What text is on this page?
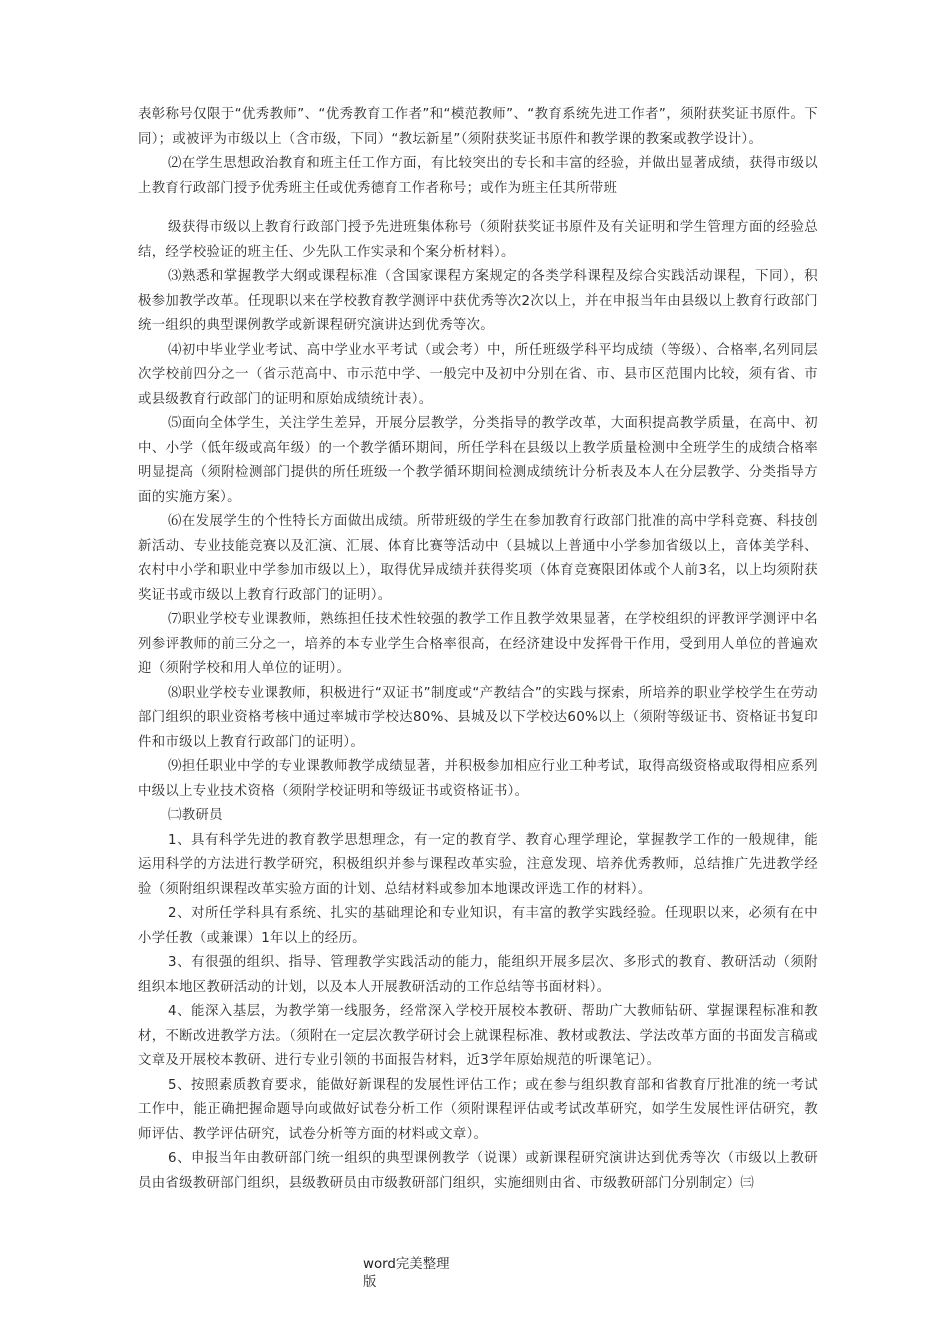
表彰称号仅限于“优秀教师”、“优秀教育工作者”和“模范教师”、“教育系统先进工作者”，须附获奖证书原件。下同）；或被评为市级以上（含市级，下同）“教坛新星”（须附获奖证书原件和教学课的教案或教学设计）。

⑵在学生思想政治教育和班主任工作方面，有比较突出的专长和丰富的经验，并做出显著成绩，获得市级以上教育行政部门授予优秀班主任或优秀德育工作者称号；或作为班主任其所带班

级获得市级以上教育行政部门授予先进班集体称号（须附获奖证书原件及有关证明和学生管理方面的经验总结，经学校验证的班主任、少先队工作实录和个案分析材料）。

⑶熟悉和掌握教学大纲或课程标准（含国家课程方案规定的各类学科课程及综合实践活动课程，下同），积极参加教学改革。任现职以来在学校教育教学测评中获优秀等次2次以上，并在申报当年由县级以上教育行政部门统一组织的典型课例教学或新课程研究演讲达到优秀等次。

⑷初中毕业学业考试、高中学业水平考试（或会考）中，所任班级学科平均成绩（等级）、合格率,名列同层次学校前四分之一（省示范高中、市示范中学、一般完中及初中分别在省、市、县市区范围内比较，须有省、市或县级教育行政部门的证明和原始成绩统计表）。

⑸面向全体学生，关注学生差异，开展分层教学，分类指导的教学改革，大面积提高教学质量，在高中、初中、小学（低年级或高年级）的一个教学循环期间，所任学科在县级以上教学质量检测中全班学生的成绩合格率明显提高（须附检测部门提供的所任班级一个教学循环期间检测成绩统计分析表及本人在分层教学、分类指导方面的实施方案）。

⑹在发展学生的个性特长方面做出成绩。所带班级的学生在参加教育行政部门批准的高中学科竞赛、科技创新活动、专业技能竞赛以及汇演、汇展、体育比赛等活动中（县城以上普通中小学参加省级以上，音体美学科、农村中小学和职业中学参加市级以上），取得优异成绩并获得奖项（体育竞赛限团体或个人前3名，以上均须附获奖证书或市级以上教育行政部门的证明）。

⑺职业学校专业课教师，熟练担任技术性较强的教学工作且教学效果显著，在学校组织的评教评学测评中名列参评教师的前三分之一，培养的本专业学生合格率很高，在经济建设中发挥骨干作用，受到用人单位的普遍欢迎（须附学校和用人单位的证明）。

⑻职业学校专业课教师，积极进行“双证书”制度或“产教结合”的实践与探索，所培养的职业学校学生在劳动部门组织的职业资格考核中通过率城市学校达80%、县城及以下学校达60%以上（须附等级证书、资格证书复印件和市级以上教育行政部门的证明）。

⑼担任职业中学的专业课教师教学成绩显著，并积极参加相应行业工种考试，取得高级资格或取得相应系列中级以上专业技术资格（须附学校证明和等级证书或资格证书）。

㈡教研员

1、具有科学先进的教育教学思想理念，有一定的教育学、教育心理学理论，掌握教学工作的一般规律，能运用科学的方法进行教学研究，积极组织并参与课程改革实验，注意发现、培养优秀教师，总结推广先进教学经验（须附组织课程改革实验方面的计划、总结材料或参加本地课改评选工作的材料）。

2、对所任学科具有系统、扎实的基础理论和专业知识，有丰富的教学实践经验。任现职以来，必须有在中小学任教（或兼课）1年以上的经历。

3、有很强的组织、指导、管理教学实践活动的能力，能组织开展多层次、多形式的教育、教研活动（须附组织本地区教研活动的计划，以及本人开展教研活动的工作总结等书面材料）。

4、能深入基层，为教学第一线服务，经常深入学校开展校本教研、帮助广大教师钻研、掌握课程标准和教材，不断改进教学方法。（须附在一定层次教学研讨会上就课程标准、教材或教法、学法改革方面的书面发言稿或文章及开展校本教研、进行专业引领的书面报告材料，近3学年原始规范的听课笔记）。

5、按照素质教育要求，能做好新课程的发展性评估工作；或在参与组织教育部和省教育厅批准的统一考试工作中，能正确把握命题导向或做好试卷分析工作（须附课程评估或考试改革研究，如学生发展性评估研究，教师评估、教学评估研究，试卷分析等方面的材料或文章）。

6、申报当年由教研部门统一组织的典型课例教学（说课）或新课程研究演讲达到优秀等次（市级以上教研员由省级教研部门组织，县级教研员由市级教研部门组织，实施细则由省、市级教研部门分别制定）㈢

word完美整理
版
